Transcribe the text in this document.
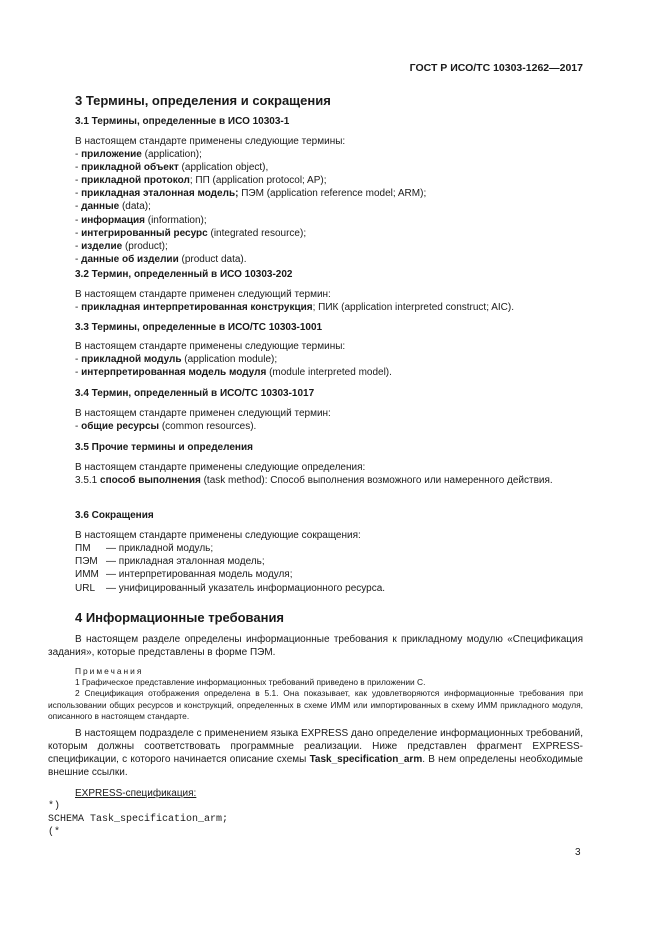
ГОСТ Р ИСО/ТС 10303-1262—2017
3 Термины, определения и сокращения
3.1 Термины, определенные в ИСО 10303-1
В настоящем стандарте применены следующие термины:
- приложение (application);
- прикладной объект (application object),
- прикладной протокол; ПП (application protocol; AP);
- прикладная эталонная модель; ПЭМ (application reference model; ARM);
- данные (data);
- информация (information);
- интегрированный ресурс (integrated resource);
- изделие (product);
- данные об изделии (product data).
3.2 Термин, определенный в ИСО 10303-202
В настоящем стандарте применен следующий термин:
- прикладная интерпретированная конструкция; ПИК (application interpreted construct; AIC).
3.3 Термины, определенные в ИСО/ТС 10303-1001
В настоящем стандарте применены следующие термины:
- прикладной модуль (application module);
- интерпретированная модель модуля (module interpreted model).
3.4 Термин, определенный в ИСО/ТС 10303-1017
В настоящем стандарте применен следующий термин:
- общие ресурсы (common resources).
3.5 Прочие термины и определения
В настоящем стандарте применены следующие определения:
3.5.1 способ выполнения (task method): Способ выполнения возможного или намеренного действия.
3.6 Сокращения
В настоящем стандарте применены следующие сокращения:
ПМ — прикладной модуль;
ПЭМ — прикладная эталонная модель;
ИММ — интерпретированная модель модуля;
URL — унифицированный указатель информационного ресурса.
4 Информационные требования
В настоящем разделе определены информационные требования к прикладному модулю «Спецификация задания», которые представлены в форме ПЭМ.
Примечания
1 Графическое представление информационных требований приведено в приложении С.
2 Спецификация отображения определена в 5.1. Она показывает, как удовлетворяются информационные требования при использовании общих ресурсов и конструкций, определенных в схеме ИММ или импортированных в схему ИММ прикладного модуля, описанного в настоящем стандарте.
В настоящем подразделе с применением языка EXPRESS дано определение информационных требований, которым должны соответствовать программные реализации. Ниже представлен фрагмент EXPRESS-спецификации, с которого начинается описание схемы Task_specification_arm. В нем определены необходимые внешние ссылки.
EXPRESS-спецификация:
*)
SCHEMA Task_specification_arm;
(*
3
